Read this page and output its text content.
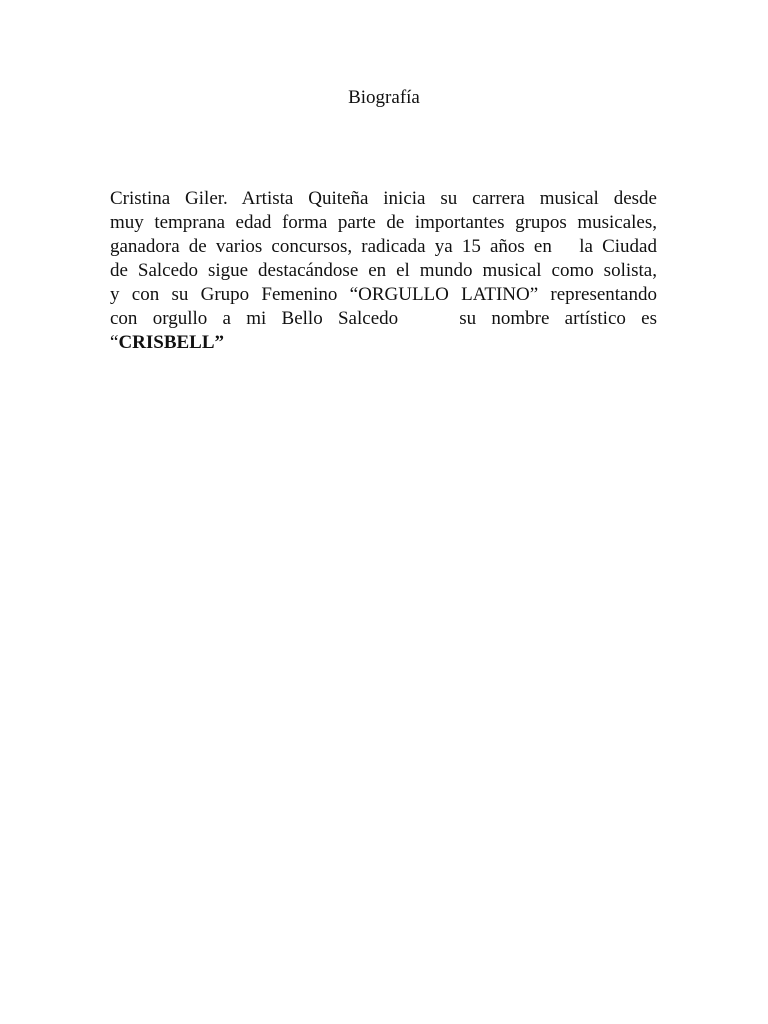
Biografía
Cristina Giler. Artista Quiteña inicia su carrera musical desde
muy temprana edad forma parte de importantes grupos musicales,
ganadora de varios concursos, radicada ya 15 años en   la Ciudad
de Salcedo sigue destacándose en el mundo musical como solista,
y con su Grupo Femenino “ORGULLO LATINO” representando
con orgullo a mi Bello Salcedo    su nombre artístico es
“CRISBELL”
